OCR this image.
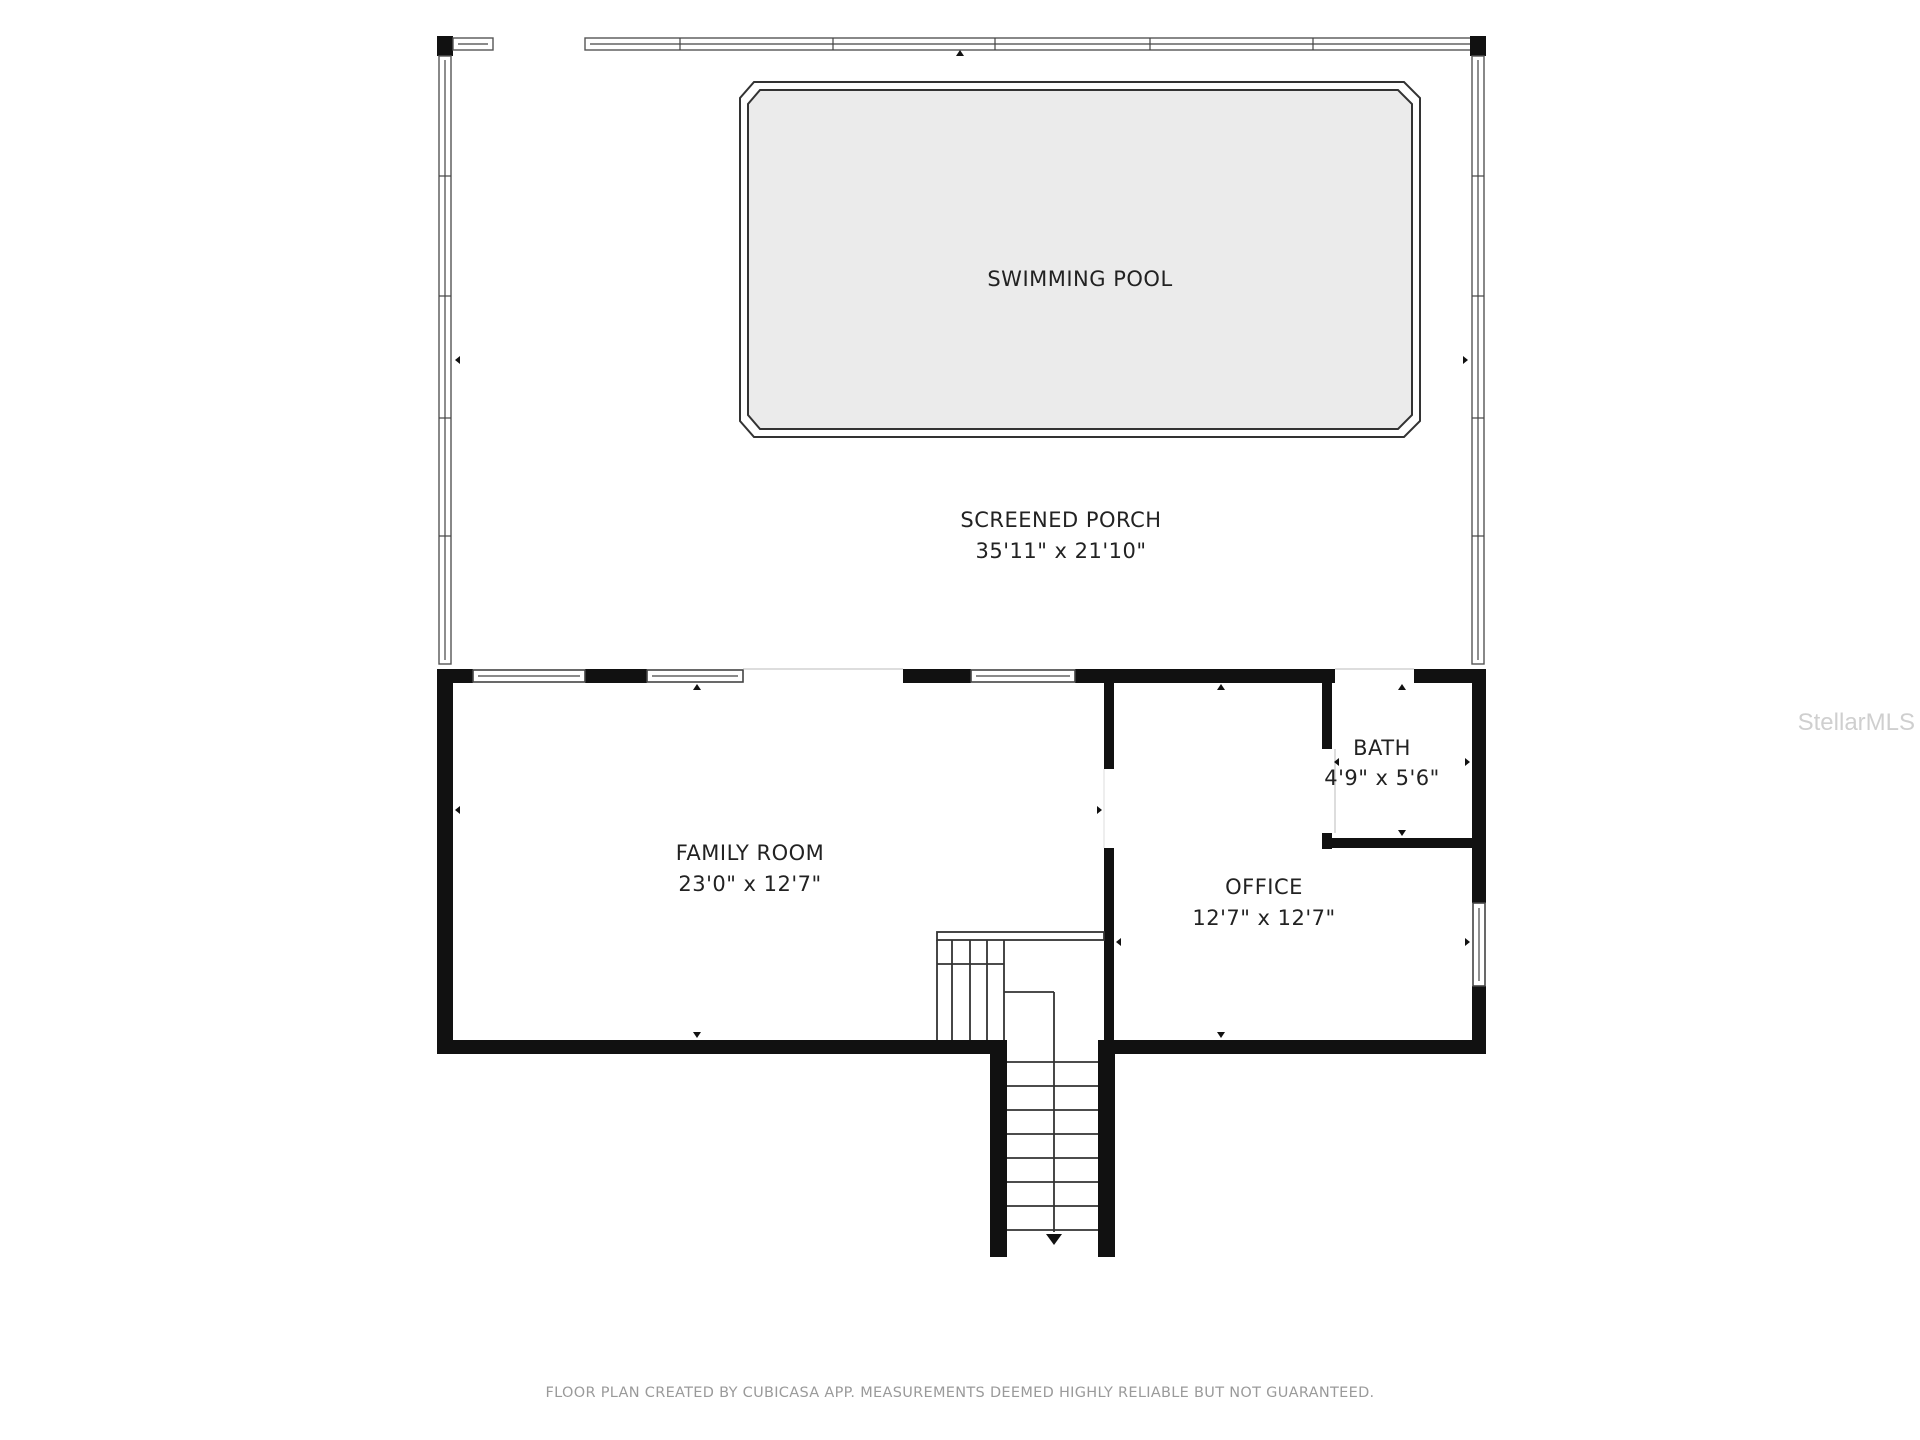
SWIMMING POOL
SCREENED PORCH
35'11" x 21'10"
FAMILY ROOM
23'0" x 12'7"	OFFICE
12'7" x 12'7"
BATH
4'9" x 5'6"
FLOOR PLAN CREATED BY CUBICASA APP. MEASUREMENTS DEEMED HIGHLY RELIABLE BUT NOT GUARANTEED.
StellarMLS
